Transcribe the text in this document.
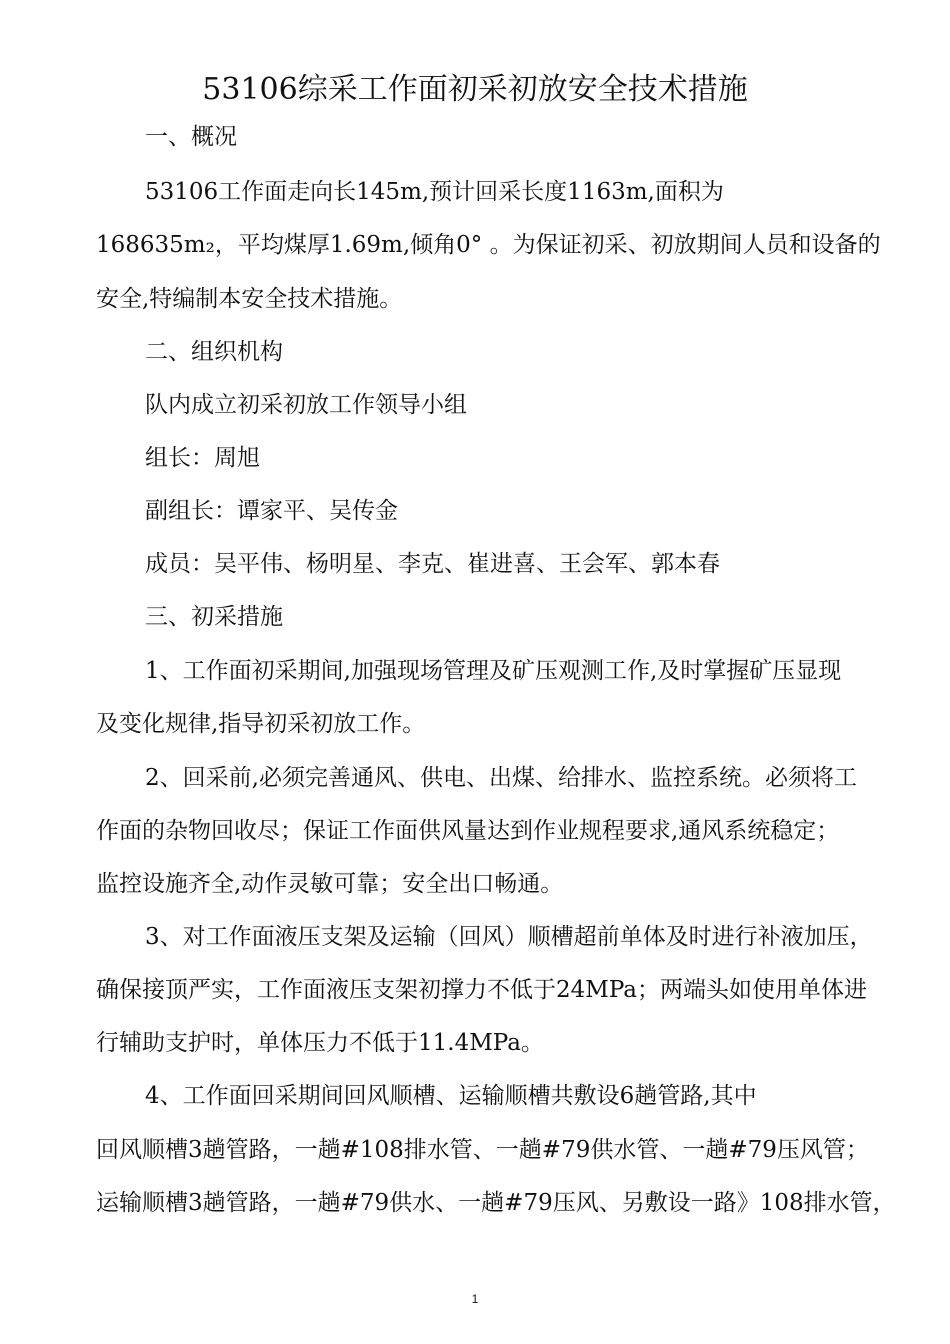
53106综采工作面初采初放安全技术措施
一、概况
53106工作面走向长145m,预计回采长度1163m,面积为
168635m₂，平均煤厚1.69m,倾角0° 。为保证初采、初放期间人员和设备的
安全,特编制本安全技术措施。
二、组织机构
队内成立初采初放工作领导小组
组长：周旭
副组长：谭家平、吴传金
成员：吴平伟、杨明星、李克、崔进喜、王会军、郭本春
三、初采措施
1、工作面初采期间,加强现场管理及矿压观测工作,及时掌握矿压显现
及变化规律,指导初采初放工作。
2、回采前,必须完善通风、供电、出煤、给排水、监控系统。必须将工
作面的杂物回收尽；保证工作面供风量达到作业规程要求,通风系统稳定；
监控设施齐全,动作灵敏可靠；安全出口畅通。
3、对工作面液压支架及运输（回风）顺槽超前单体及时进行补液加压，
确保接顶严实，工作面液压支架初撑力不低于24MPa；两端头如使用单体进
行辅助支护时，单体压力不低于11.4MPa。
4、工作面回采期间回风顺槽、运输顺槽共敷设6趟管路,其中
回风顺槽3趟管路，一趟#108排水管、一趟#79供水管、一趟#79压风管；
运输顺槽3趟管路，一趟#79供水、一趟#79压风、另敷设一路》108排水管，
1
